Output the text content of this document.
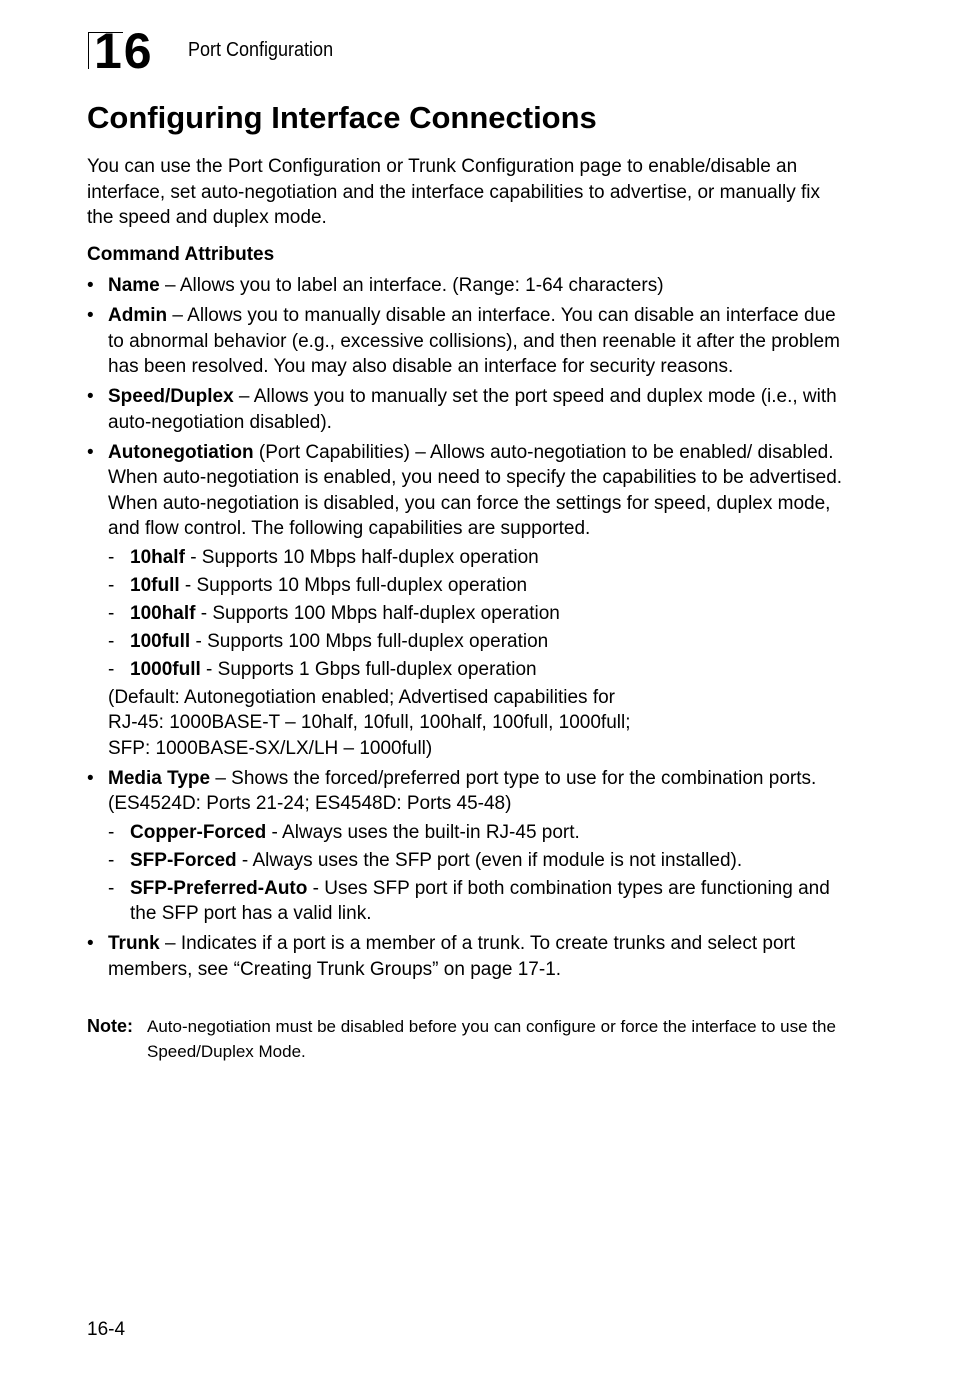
16 Port Configuration
Configuring Interface Connections

You can use the Port Configuration or Trunk Configuration page to enable/disable an interface, set auto-negotiation and the interface capabilities to advertise, or manually fix the speed and duplex mode.

Command Attributes

• Name – Allows you to label an interface. (Range: 1-64 characters)
• Admin – Allows you to manually disable an interface. You can disable an interface due to abnormal behavior (e.g., excessive collisions), and then reenable it after the problem has been resolved. You may also disable an interface for security reasons.
• Speed/Duplex – Allows you to manually set the port speed and duplex mode (i.e., with auto-negotiation disabled).
• Autonegotiation (Port Capabilities) – Allows auto-negotiation to be enabled/ disabled. When auto-negotiation is enabled, you need to specify the capabilities to be advertised. When auto-negotiation is disabled, you can force the settings for speed, duplex mode, and flow control. The following capabilities are supported.
- 10half - Supports 10 Mbps half-duplex operation
- 10full - Supports 10 Mbps full-duplex operation
- 100half - Supports 100 Mbps half-duplex operation
- 100full - Supports 100 Mbps full-duplex operation
- 1000full - Supports 1 Gbps full-duplex operation
(Default: Autonegotiation enabled; Advertised capabilities for
RJ-45: 1000BASE-T – 10half, 10full, 100half, 100full, 1000full;
SFP: 1000BASE-SX/LX/LH – 1000full)
• Media Type – Shows the forced/preferred port type to use for the combination ports. (ES4524D: Ports 21-24; ES4548D: Ports 45-48)
- Copper-Forced - Always uses the built-in RJ-45 port.
- SFP-Forced - Always uses the SFP port (even if module is not installed).
- SFP-Preferred-Auto - Uses SFP port if both combination types are functioning and the SFP port has a valid link.
• Trunk – Indicates if a port is a member of a trunk. To create trunks and select port members, see “Creating Trunk Groups” on page 17-1.
Note: Auto-negotiation must be disabled before you can configure or force the interface to use the Speed/Duplex Mode.
16-4
